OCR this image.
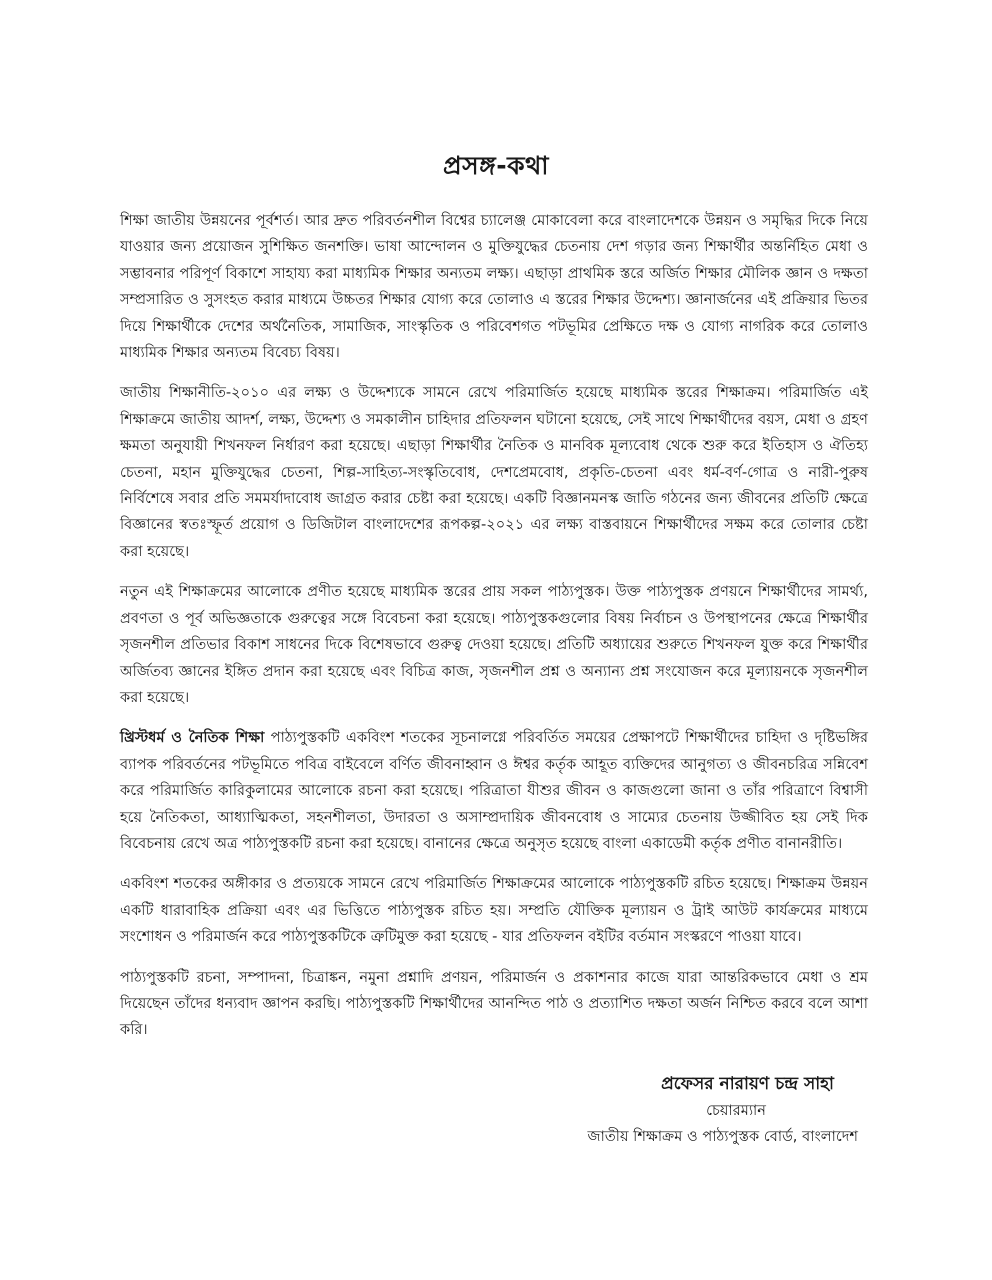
প্রসঙ্গ-কথা

শিক্ষা জাতীয় উন্নয়নের পূর্বশর্ত। আর দ্রুত পরিবর্তনশীল বিশ্বের চ্যালেঞ্জ মোকাবেলা করে বাংলাদেশকে উন্নয়ন ও সমৃদ্ধির দিকে নিয়ে যাওয়ার জন্য প্রয়োজন সুশিক্ষিত জনশক্তি। ভাষা আন্দোলন ও মুক্তিযুদ্ধের চেতনায় দেশ গড়ার জন্য শিক্ষার্থীর অন্তর্নিহিত মেধা ও সম্ভাবনার পরিপূর্ণ বিকাশে সাহায্য করা মাধ্যমিক শিক্ষার অন্যতম লক্ষ্য। এছাড়া প্রাথমিক স্তরে অর্জিত শিক্ষার মৌলিক জ্ঞান ও দক্ষতা সম্প্রসারিত ও সুসংহত করার মাধ্যমে উচ্চতর শিক্ষার যোগ্য করে তোলাও এ স্তরের শিক্ষার উদ্দেশ্য। জ্ঞানার্জনের এই প্রক্রিয়ার ভিতর দিয়ে শিক্ষার্থীকে দেশের অর্থনৈতিক, সামাজিক, সাংস্কৃতিক ও পরিবেশগত পটভূমির প্রেক্ষিতে দক্ষ ও যোগ্য নাগরিক করে তোলাও মাধ্যমিক শিক্ষার অন্যতম বিবেচ্য বিষয়।

জাতীয় শিক্ষানীতি-২০১০ এর লক্ষ্য ও উদ্দেশ্যকে সামনে রেখে পরিমার্জিত হয়েছে মাধ্যমিক স্তরের শিক্ষাক্রম। পরিমার্জিত এই শিক্ষাক্রমে জাতীয় আদর্শ, লক্ষ্য, উদ্দেশ্য ও সমকালীন চাহিদার প্রতিফলন ঘটানো হয়েছে, সেই সাথে শিক্ষার্থীদের বয়স, মেধা ও গ্রহণ ক্ষমতা অনুযায়ী শিখনফল নির্ধারণ করা হয়েছে। এছাড়া শিক্ষার্থীর নৈতিক ও মানবিক মূল্যবোধ থেকে শুরু করে ইতিহাস ও ঐতিহ্য চেতনা, মহান মুক্তিযুদ্ধের চেতনা, শিল্প-সাহিত্য-সংস্কৃতিবোধ, দেশপ্রেমবোধ, প্রকৃতি-চেতনা এবং ধর্ম-বর্ণ-গোত্র ও নারী-পুরুষ নির্বিশেষে সবার প্রতি সমমর্যাদাবোধ জাগ্রত করার চেষ্টা করা হয়েছে। একটি বিজ্ঞানমনস্ক জাতি গঠনের জন্য জীবনের প্রতিটি ক্ষেত্রে বিজ্ঞানের স্বতঃস্ফূর্ত প্রয়োগ ও ডিজিটাল বাংলাদেশের রূপকল্প-২০২১ এর লক্ষ্য বাস্তবায়নে শিক্ষার্থীদের সক্ষম করে তোলার চেষ্টা করা হয়েছে।

নতুন এই শিক্ষাক্রমের আলোকে প্রণীত হয়েছে মাধ্যমিক স্তরের প্রায় সকল পাঠ্যপুস্তক। উক্ত পাঠ্যপুস্তক প্রণয়নে শিক্ষার্থীদের সামর্থ্য, প্রবণতা ও পূর্ব অভিজ্ঞতাকে গুরুত্বের সঙ্গে বিবেচনা করা হয়েছে। পাঠ্যপুস্তকগুলোর বিষয় নির্বাচন ও উপস্থাপনের ক্ষেত্রে শিক্ষার্থীর সৃজনশীল প্রতিভার বিকাশ সাধনের দিকে বিশেষভাবে গুরুত্ব দেওয়া হয়েছে। প্রতিটি অধ্যায়ের শুরুতে শিখনফল যুক্ত করে শিক্ষার্থীর অর্জিতব্য জ্ঞানের ইঙ্গিত প্রদান করা হয়েছে এবং বিচিত্র কাজ, সৃজনশীল প্রশ্ন ও অন্যান্য প্রশ্ন সংযোজন করে মূল্যায়নকে সৃজনশীল করা হয়েছে।

খ্রিস্টধর্ম ও নৈতিক শিক্ষা পাঠ্যপুস্তকটি একবিংশ শতকের সূচনালগ্নে পরিবর্তিত সময়ের প্রেক্ষাপটে শিক্ষার্থীদের চাহিদা ও দৃষ্টিভঙ্গির ব্যাপক পরিবর্তনের পটভূমিতে পবিত্র বাইবেলে বর্ণিত জীবনাহ্বান ও ঈশ্বর কর্তৃক আহূত ব্যক্তিদের আনুগত্য ও জীবনচরিত্র সন্নিবেশ করে পরিমার্জিত কারিকুলামের আলোকে রচনা করা হয়েছে। পরিত্রাতা যীশুর জীবন ও কাজগুলো জানা ও তাঁর পরিত্রাণে বিশ্বাসী হয়ে নৈতিকতা, আধ্যাত্মিকতা, সহনশীলতা, উদারতা ও অসাম্প্রদায়িক জীবনবোধ ও সাম্যের চেতনায় উজ্জীবিত হয় সেই দিক বিবেচনায় রেখে অত্র পাঠ্যপুস্তকটি রচনা করা হয়েছে। বানানের ক্ষেত্রে অনুসৃত হয়েছে বাংলা একাডেমী কর্তৃক প্রণীত বানানরীতি।

একবিংশ শতকের অঙ্গীকার ও প্রত্যয়কে সামনে রেখে পরিমার্জিত শিক্ষাক্রমের আলোকে পাঠ্যপুস্তকটি রচিত হয়েছে। শিক্ষাক্রম উন্নয়ন একটি ধারাবাহিক প্রক্রিয়া এবং এর ভিত্তিতে পাঠ্যপুস্তক রচিত হয়। সম্প্রতি যৌক্তিক মূল্যায়ন ও ট্রাই আউট কার্যক্রমের মাধ্যমে সংশোধন ও পরিমার্জন করে পাঠ্যপুস্তকটিকে ত্রুটিমুক্ত করা হয়েছে - যার প্রতিফলন বইটির বর্তমান সংস্করণে পাওয়া যাবে।

পাঠ্যপুস্তকটি রচনা, সম্পাদনা, চিত্রাঙ্কন, নমুনা প্রশ্নাদি প্রণয়ন, পরিমার্জন ও প্রকাশনার কাজে যারা আন্তরিকভাবে মেধা ও শ্রম দিয়েছেন তাঁদের ধন্যবাদ জ্ঞাপন করছি। পাঠ্যপুস্তকটি শিক্ষার্থীদের আনন্দিত পাঠ ও প্রত্যাশিত দক্ষতা অর্জন নিশ্চিত করবে বলে আশা করি।

প্রফেসর নারায়ণ চন্দ্র সাহা

চেয়ারম্যান

জাতীয় শিক্ষাক্রম ও পাঠ্যপুস্তক বোর্ড, বাংলাদেশ
